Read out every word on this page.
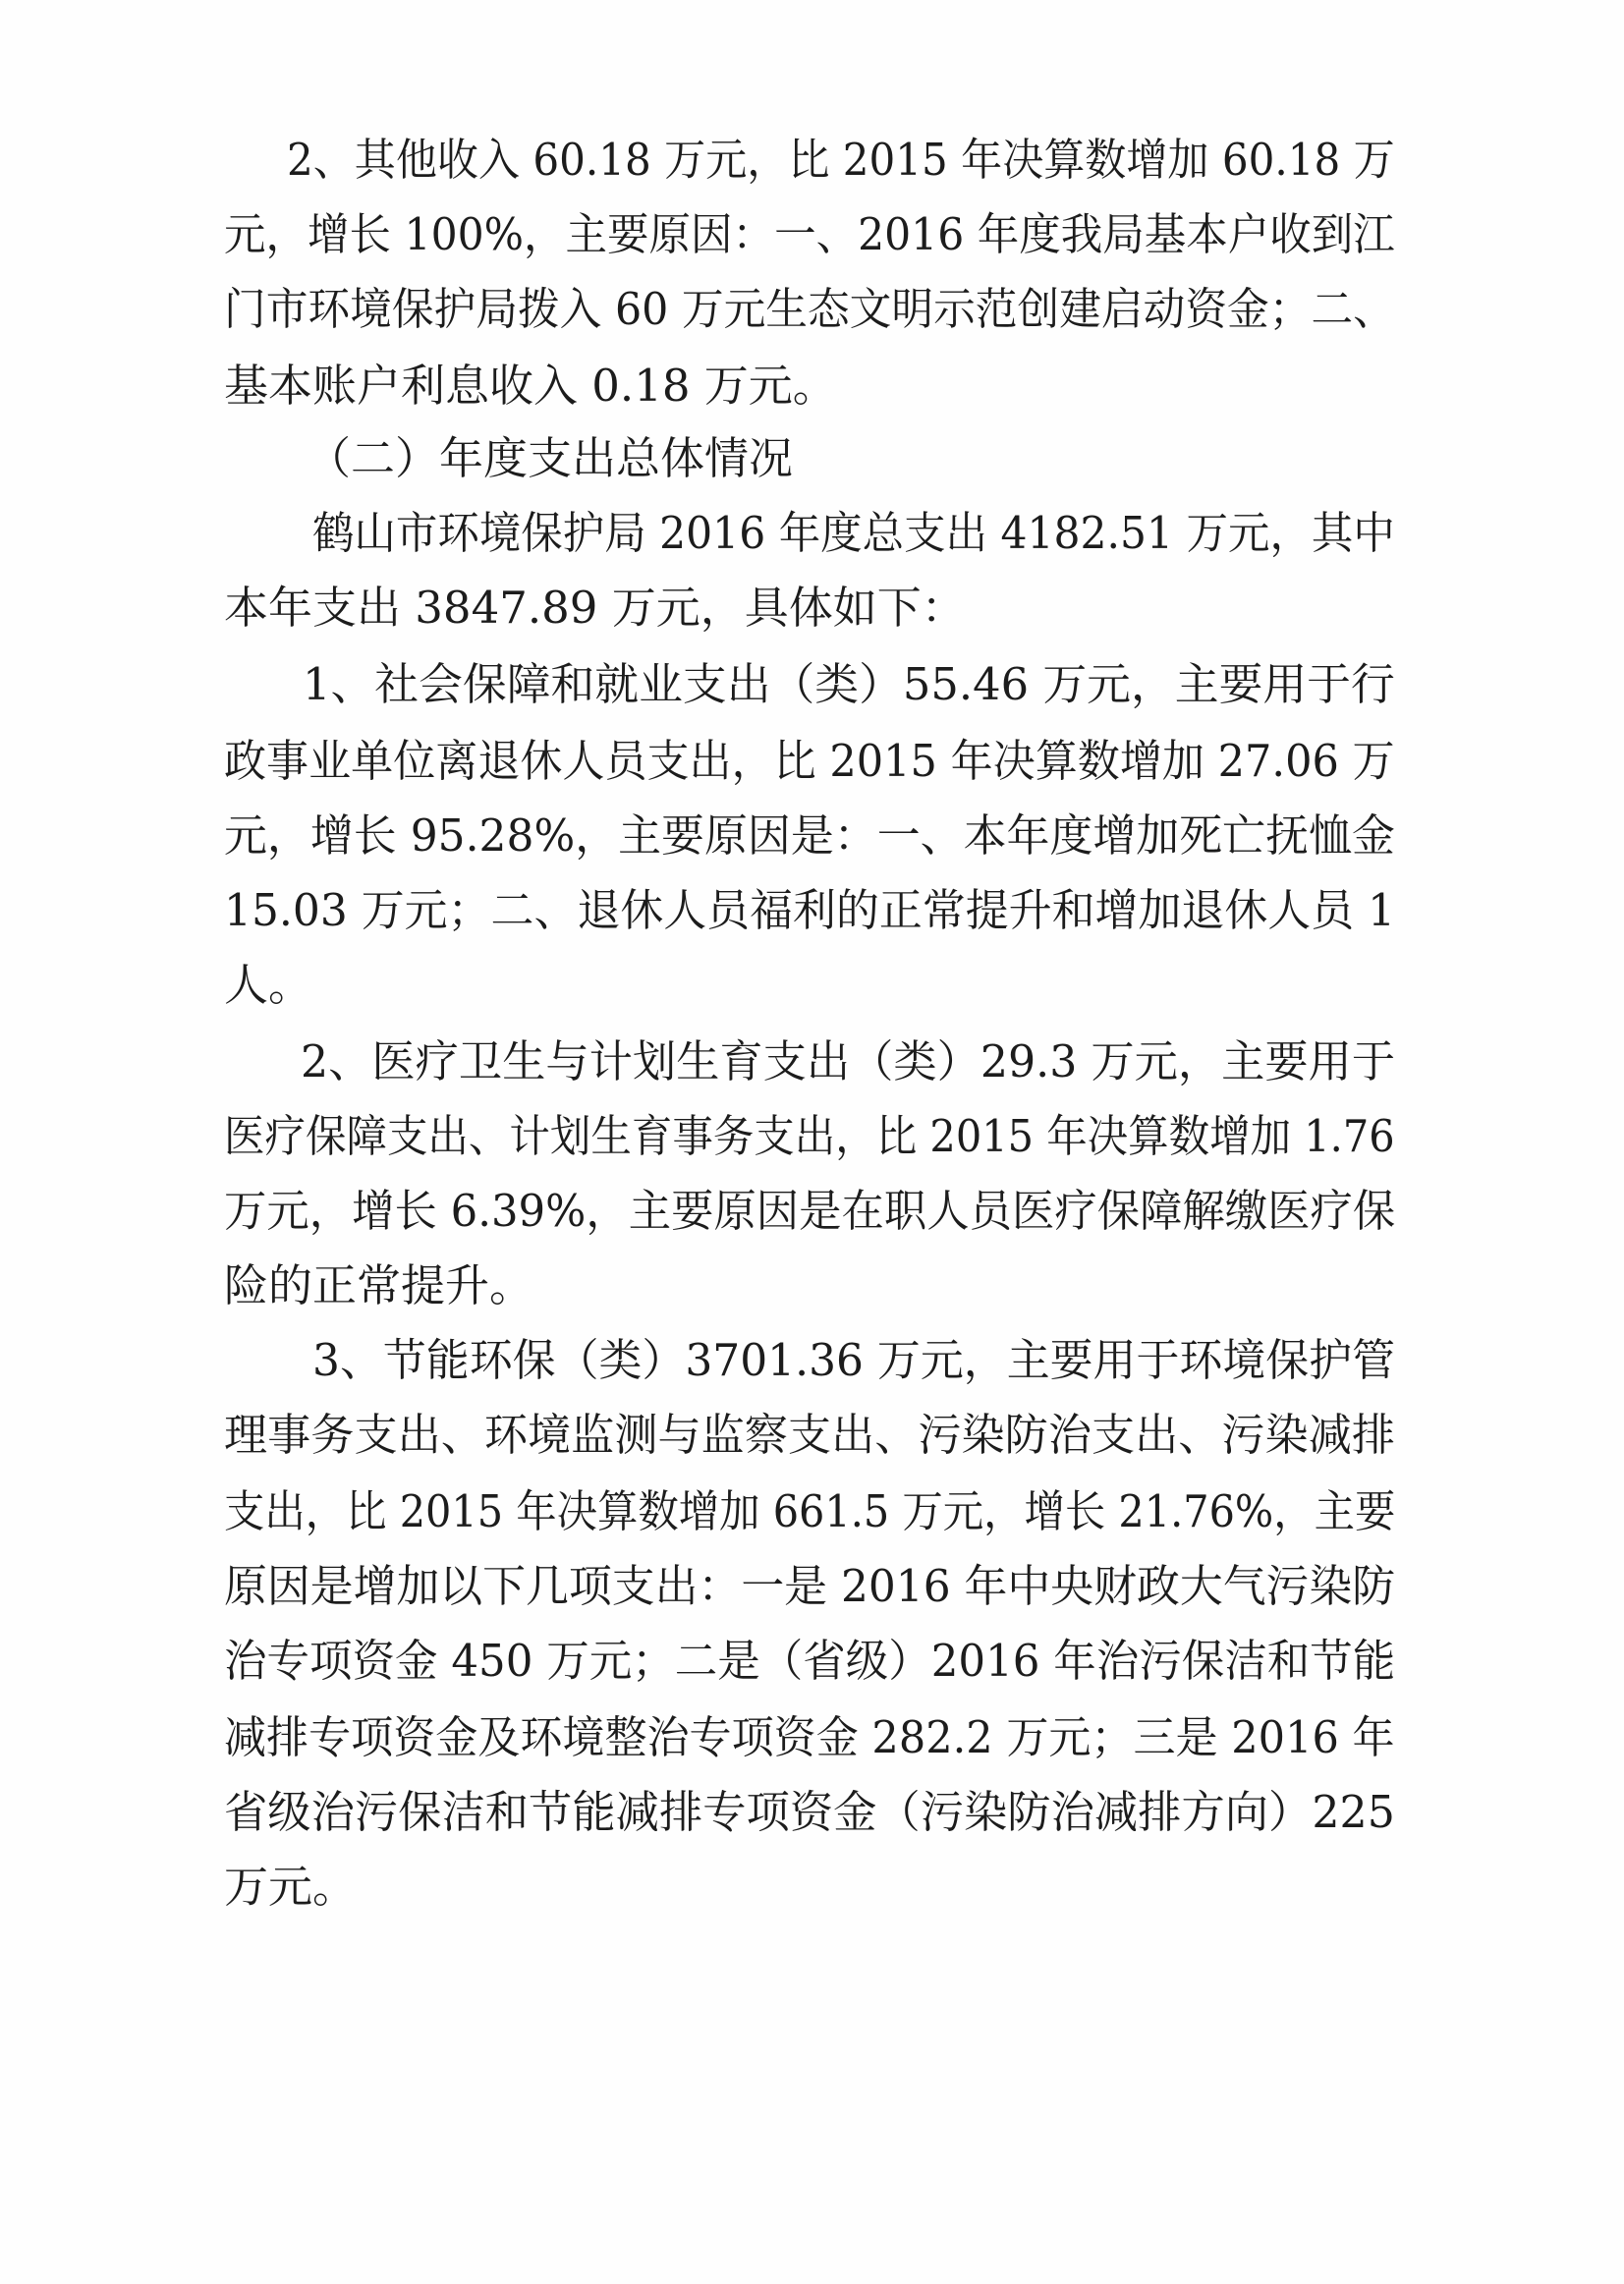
2、其他收入 60.18 万元，比 2015 年决算数增加 60.18 万
元，增长 100%，主要原因：一、2016 年度我局基本户收到江
门市环境保护局拨入 60 万元生态文明示范创建启动资金；二、
基本账户利息收入 0.18 万元。
（二）年度支出总体情况
鹤山市环境保护局 2016 年度总支出 4182.51 万元，其中
本年支出 3847.89 万元，具体如下：
1、社会保障和就业支出（类）55.46 万元，主要用于行
政事业单位离退休人员支出，比 2015 年决算数增加 27.06 万
元，增长 95.28%，主要原因是：一、本年度增加死亡抚恤金
15.03 万元；二、退休人员福利的正常提升和增加退休人员 1
人。
2、医疗卫生与计划生育支出（类）29.3 万元，主要用于
医疗保障支出、计划生育事务支出，比 2015 年决算数增加 1.76
万元，增长 6.39%，主要原因是在职人员医疗保障解缴医疗保
险的正常提升。
3、节能环保（类）3701.36 万元，主要用于环境保护管
理事务支出、环境监测与监察支出、污染防治支出、污染减排
支出，比 2015 年决算数增加 661.5 万元，增长 21.76%，主要
原因是增加以下几项支出：一是 2016 年中央财政大气污染防
治专项资金 450 万元；二是（省级）2016 年治污保洁和节能
减排专项资金及环境整治专项资金 282.2 万元；三是 2016 年
省级治污保洁和节能减排专项资金（污染防治减排方向）225
万元。
